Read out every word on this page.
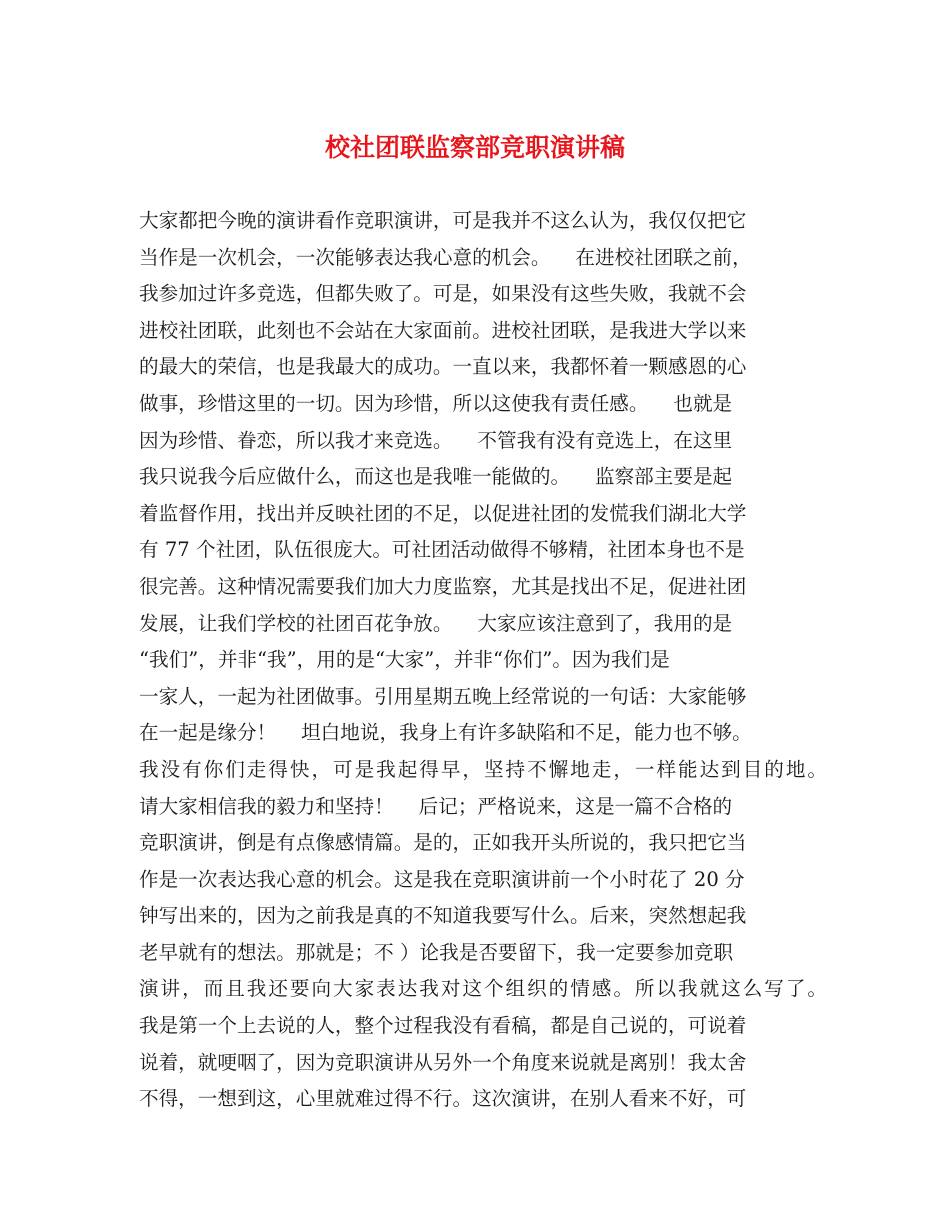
校社团联监察部竞职演讲稿
大家都把今晚的演讲看作竞职演讲，可是我并不这么认为，我仅仅把它
当作是一次机会，一次能够表达我心意的机会。    在进校社团联之前，
我参加过许多竞选，但都失败了。可是，如果没有这些失败，我就不会
进校社团联，此刻也不会站在大家面前。进校社团联，是我进大学以来
的最大的荣信，也是我最大的成功。一直以来，我都怀着一颗感恩的心
做事，珍惜这里的一切。因为珍惜，所以这使我有责任感。    也就是
因为珍惜、眷恋，所以我才来竞选。    不管我有没有竞选上，在这里
我只说我今后应做什么，而这也是我唯一能做的。    监察部主要是起
着监督作用，找出并反映社团的不足，以促进社团的发慌我们湖北大学
有 77 个社团，队伍很庞大。可社团活动做得不够精，社团本身也不是
很完善。这种情况需要我们加大力度监察，尤其是找出不足，促进社团
发展，让我们学校的社团百花争放。    大家应该注意到了，我用的是
“我们”，并非“我”，用的是“大家”，并非“你们”。因为我们是
一家人，一起为社团做事。引用星期五晚上经常说的一句话：大家能够
在一起是缘分！    坦白地说，我身上有许多缺陷和不足，能力也不够。
我没有你们走得快，可是我起得早，坚持不懈地走，一样能达到目的地。
请大家相信我的毅力和坚持！    后记；严格说来，这是一篇不合格的
竞职演讲，倒是有点像感情篇。是的，正如我开头所说的，我只把它当
作是一次表达我心意的机会。这是我在竞职演讲前一个小时花了 20 分
钟写出来的，因为之前我是真的不知道我要写什么。后来，突然想起我
老早就有的想法。那就是；不 ）论我是否要留下，我一定要参加竞职
演讲，而且我还要向大家表达我对这个组织的情感。所以我就这么写了。
我是第一个上去说的人，整个过程我没有看稿，都是自己说的，可说着
说着，就哽咽了，因为竞职演讲从另外一个角度来说就是离别！我太舍
不得，一想到这，心里就难过得不行。这次演讲，在别人看来不好，可
